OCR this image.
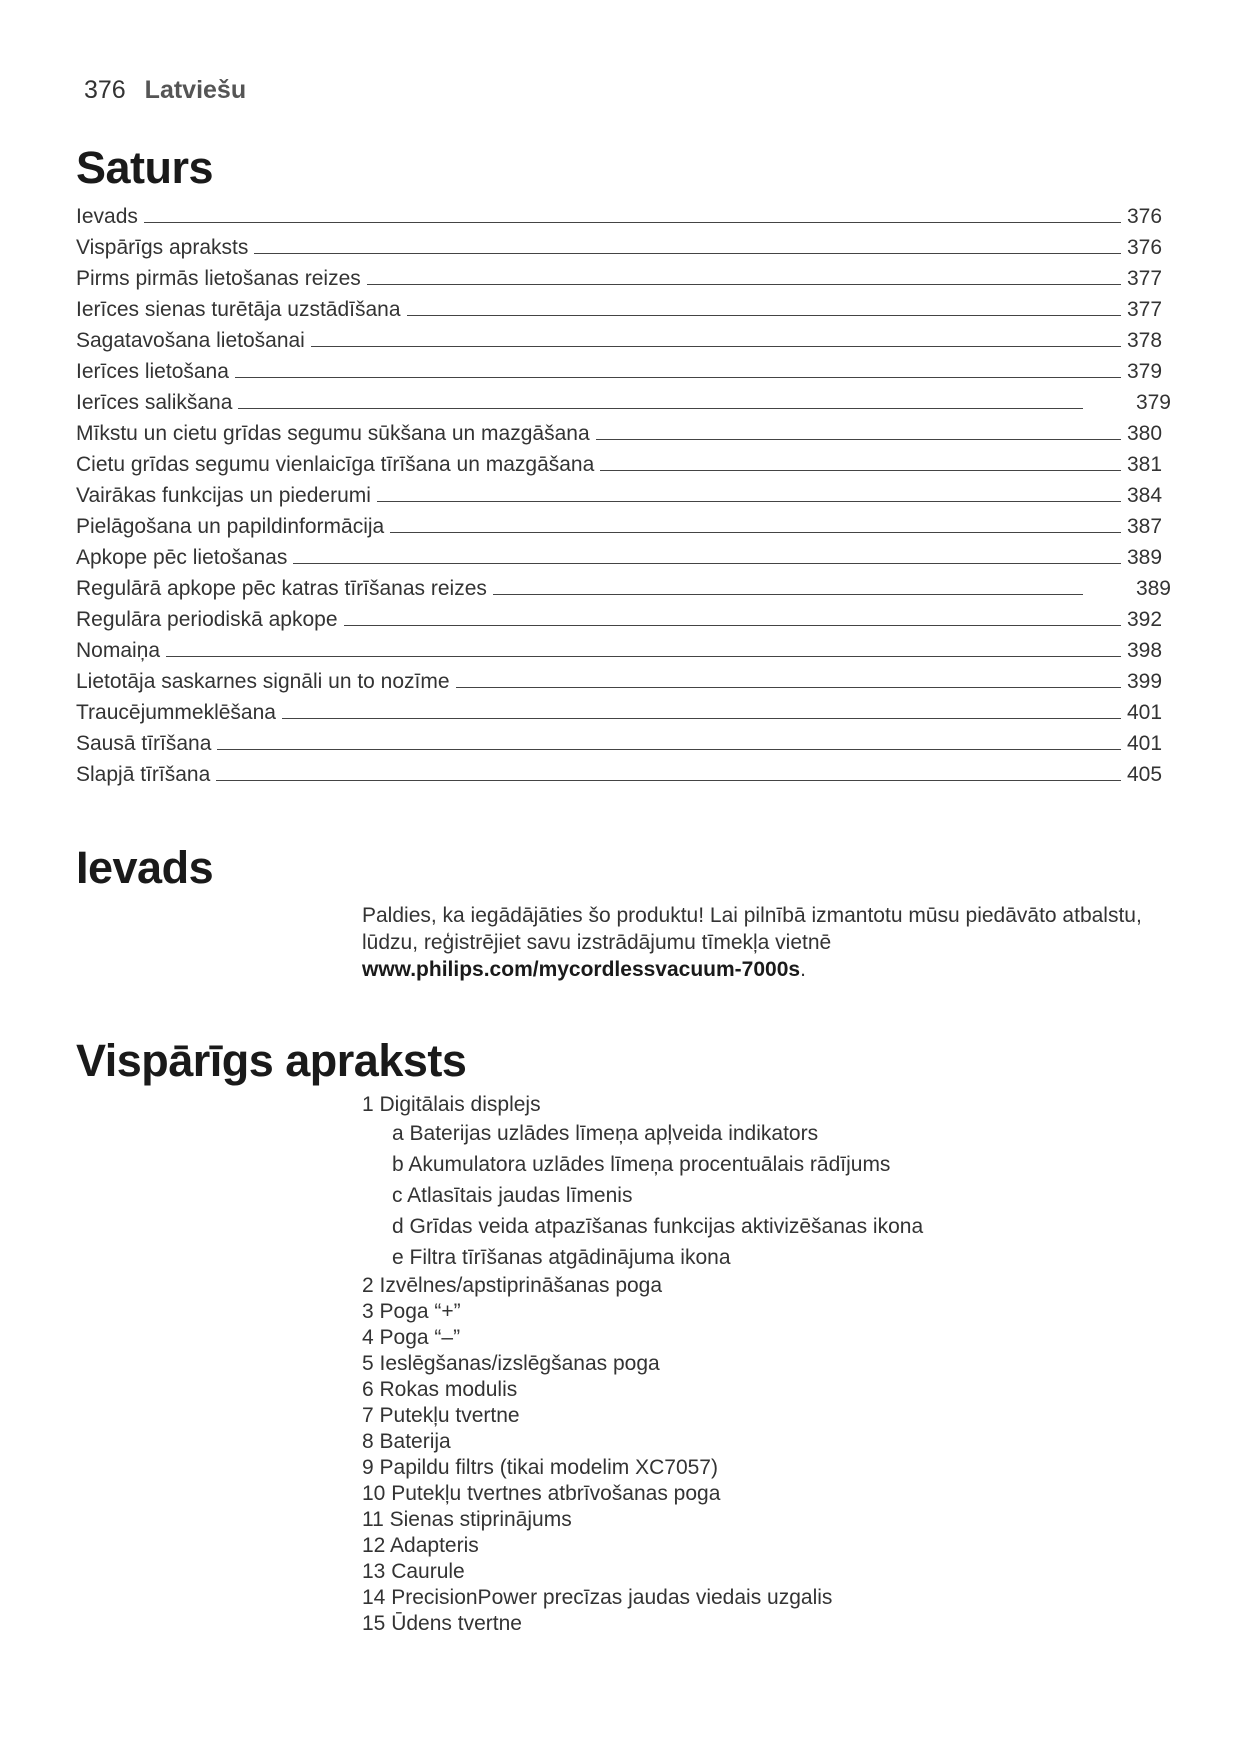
376 Latviešu
Saturs
Ievads	376
Vispārīgs apraksts	376
Pirms pirmās lietošanas reizes	377
Ierīces sienas turētāja uzstādīšana	377
Sagatavošana lietošanai	378
Ierīces lietošana	379
Ierīces salikšana	379
Mīkstu un cietu grīdas segumu sūkšana un mazgāšana	380
Cietu grīdas segumu vienlaicīga tīrīšana un mazgāšana	381
Vairākas funkcijas un piederumi	384
Pielāgošana un papildinformācija	387
Apkope pēc lietošanas	389
Regulārā apkope pēc katras tīrīšanas reizes	389
Regulāra periodiskā apkope	392
Nomaiņa	398
Lietotāja saskarnes signāli un to nozīme	399
Traucējummeklēšana	401
Sausā tīrīšana	401
Slapjā tīrīšana	405
Ievads
Paldies, ka iegādājāties šo produktu! Lai pilnībā izmantotu mūsu piedāvāto atbalstu, lūdzu, reģistrējiet savu izstrādājumu tīmekļa vietnē www.philips.com/mycordlessvacuum-7000s.
Vispārīgs apraksts
1 Digitālais displejs
a Baterijas uzlādes līmeņa apļveida indikators
b Akumulatora uzlādes līmeņa procentuālais rādījums
c Atlasītais jaudas līmenis
d Grīdas veida atpazīšanas funkcijas aktivizēšanas ikona
e Filtra tīrīšanas atgādinājuma ikona
2 Izvēlnes/apstiprināšanas poga
3 Poga “+”
4 Poga “–”
5 Ieslēgšanas/izslēgšanas poga
6 Rokas modulis
7 Putekļu tvertne
8 Baterija
9 Papildu filtrs (tikai modelim XC7057)
10 Putekļu tvertnes atbrīvošanas poga
11 Sienas stiprinājums
12 Adapteris
13 Caurule
14 PrecisionPower precīzas jaudas viedais uzgalis
15 Ūdens tvertne
